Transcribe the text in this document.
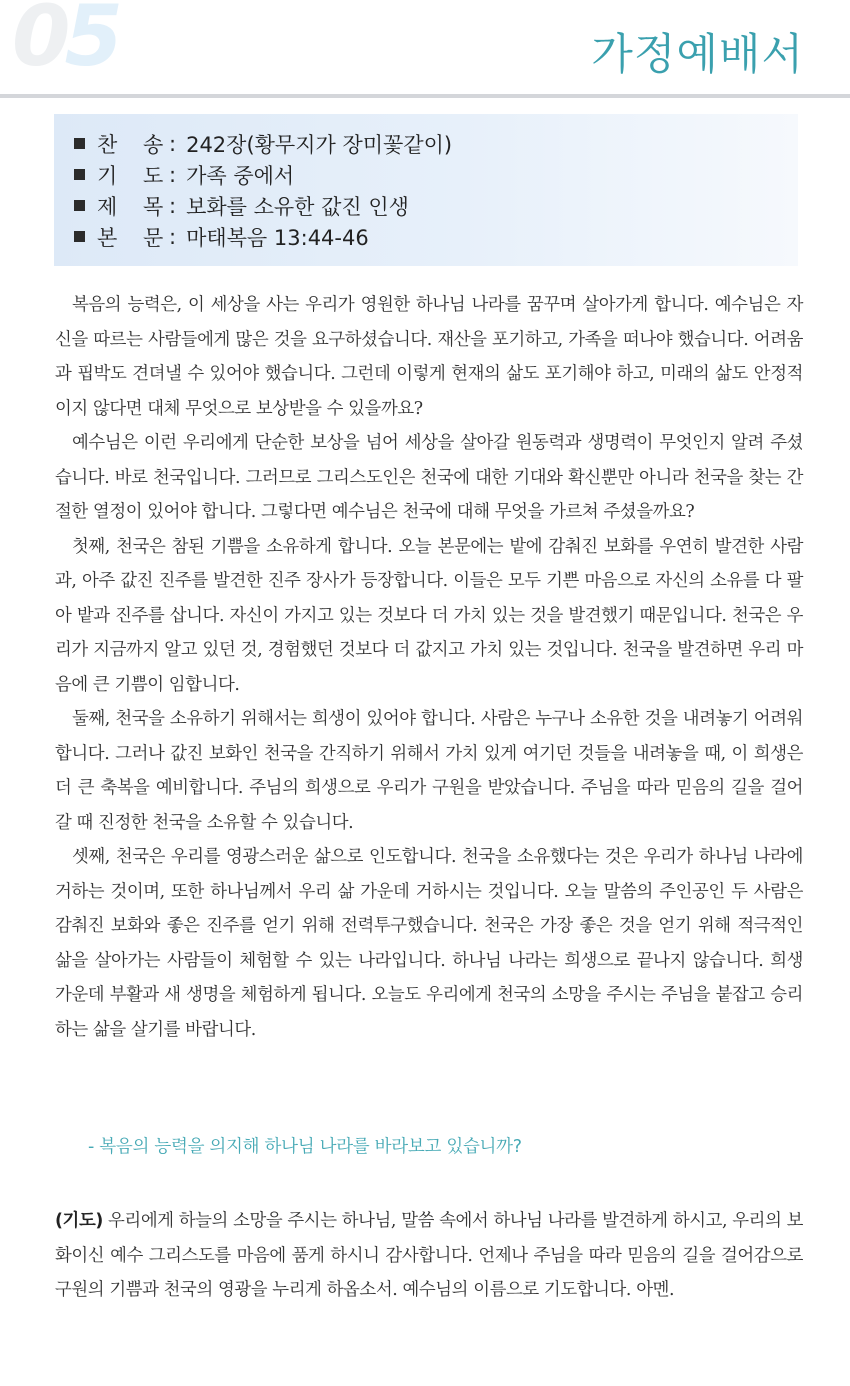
05	가정예배서
찬	송 : 242장(황무지가 장미꽃같이)
기	도 : 가족 중에서
제	목 : 보화를 소유한 값진 인생
본	문 : 마태복음 13:44-46

복음의 능력은, 이 세상을 사는 우리가 영원한 하나님 나라를 꿈꾸며 살아가게 합니다. 예수님은 자신을 따르는 사람들에게 많은 것을 요구하셨습니다. 재산을 포기하고, 가족을 떠나야 했습니다. 어려움과 핍박도 견뎌낼 수 있어야 했습니다. 그런데 이렇게 현재의 삶도 포기해야 하고, 미래의 삶도 안정적이지 않다면 대체 무엇으로 보상받을 수 있을까요?

예수님은 이런 우리에게 단순한 보상을 넘어 세상을 살아갈 원동력과 생명력이 무엇인지 알려 주셨습니다. 바로 천국입니다. 그러므로 그리스도인은 천국에 대한 기대와 확신뿐만 아니라 천국을 찾는 간절한 열정이 있어야 합니다. 그렇다면 예수님은 천국에 대해 무엇을 가르쳐 주셨을까요?

첫째, 천국은 참된 기쁨을 소유하게 합니다. 오늘 본문에는 밭에 감춰진 보화를 우연히 발견한 사람과, 아주 값진 진주를 발견한 진주 장사가 등장합니다. 이들은 모두 기쁜 마음으로 자신의 소유를 다 팔아 밭과 진주를 삽니다. 자신이 가지고 있는 것보다 더 가치 있는 것을 발견했기 때문입니다. 천국은 우리가 지금까지 알고 있던 것, 경험했던 것보다 더 값지고 가치 있는 것입니다. 천국을 발견하면 우리 마음에 큰 기쁨이 임합니다.

둘째, 천국을 소유하기 위해서는 희생이 있어야 합니다. 사람은 누구나 소유한 것을 내려놓기 어려워합니다. 그러나 값진 보화인 천국을 간직하기 위해서 가치 있게 여기던 것들을 내려놓을 때, 이 희생은 더 큰 축복을 예비합니다. 주님의 희생으로 우리가 구원을 받았습니다. 주님을 따라 믿음의 길을 걸어갈 때 진정한 천국을 소유할 수 있습니다.

셋째, 천국은 우리를 영광스러운 삶으로 인도합니다. 천국을 소유했다는 것은 우리가 하나님 나라에 거하는 것이며, 또한 하나님께서 우리 삶 가운데 거하시는 것입니다. 오늘 말씀의 주인공인 두 사람은 감춰진 보화와 좋은 진주를 얻기 위해 전력투구했습니다. 천국은 가장 좋은 것을 얻기 위해 적극적인 삶을 살아가는 사람들이 체험할 수 있는 나라입니다. 하나님 나라는 희생으로 끝나지 않습니다. 희생 가운데 부활과 새 생명을 체험하게 됩니다. 오늘도 우리에게 천국의 소망을 주시는 주님을 붙잡고 승리하는 삶을 살기를 바랍니다.

- 복음의 능력을 의지해 하나님 나라를 바라보고 있습니까?

(기도) 우리에게 하늘의 소망을 주시는 하나님, 말씀 속에서 하나님 나라를 발견하게 하시고, 우리의 보화이신 예수 그리스도를 마음에 품게 하시니 감사합니다. 언제나 주님을 따라 믿음의 길을 걸어감으로 구원의 기쁨과 천국의 영광을 누리게 하옵소서. 예수님의 이름으로 기도합니다. 아멘.
